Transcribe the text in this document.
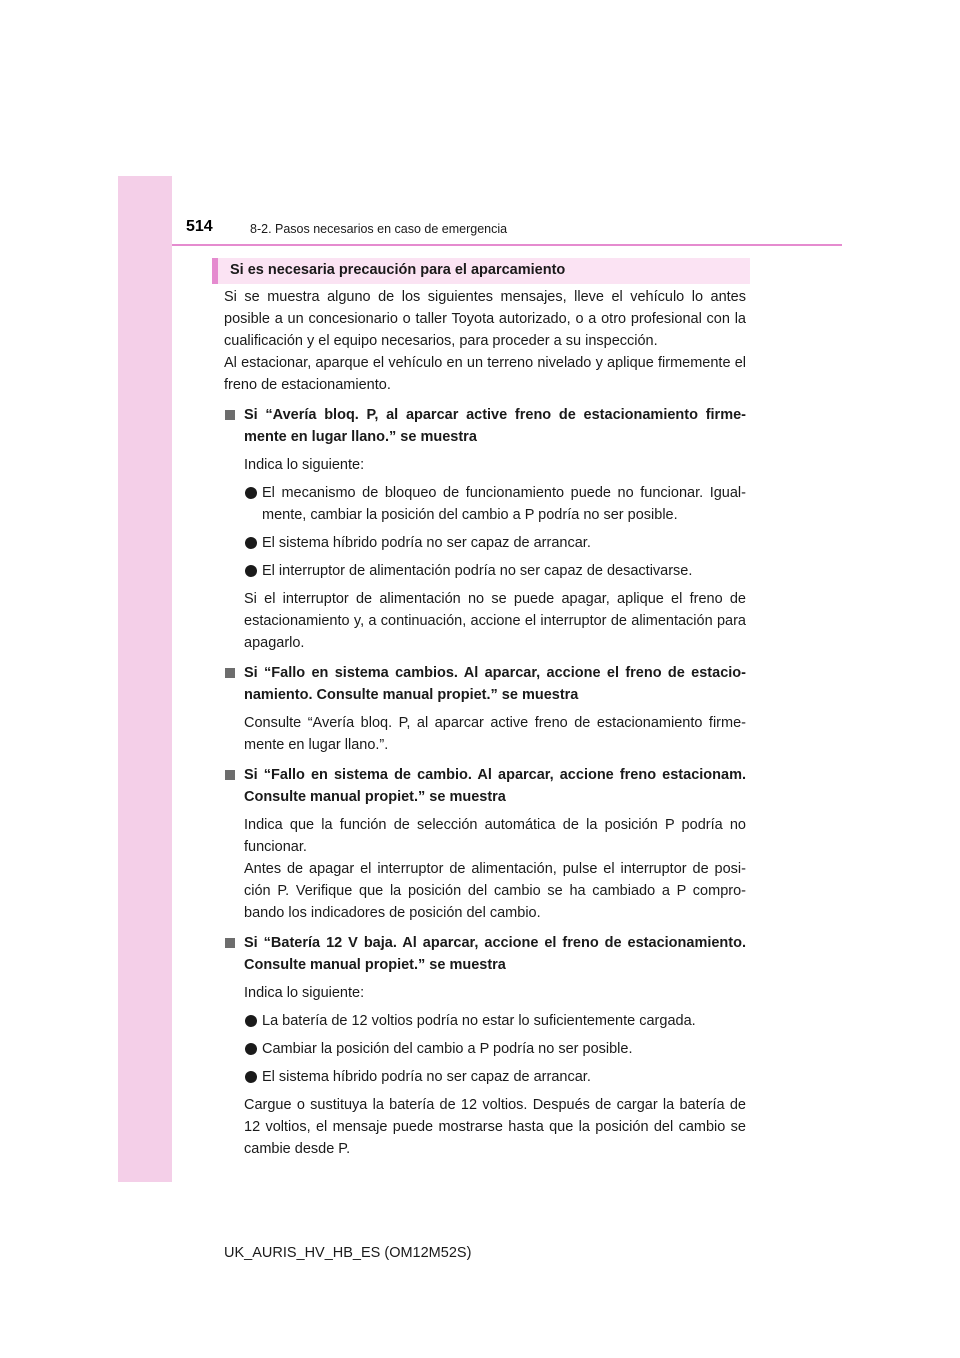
514	8-2. Pasos necesarios en caso de emergencia
Si es necesaria precaución para el aparcamiento

Si se muestra alguno de los siguientes mensajes, lleve el vehículo lo antes posible a un concesionario o taller Toyota autorizado, o a otro profesional con la cualificación y el equipo necesarios, para proceder a su inspección.

Al estacionar, aparque el vehículo en un terreno nivelado y aplique firmemente el freno de estacionamiento.

Si “Avería bloq. P, al aparcar active freno de estacionamiento firmemente en lugar llano.” se muestra

Indica lo siguiente:

El mecanismo de bloqueo de funcionamiento puede no funcionar. Igualmente, cambiar la posición del cambio a P podría no ser posible.

El sistema híbrido podría no ser capaz de arrancar.

El interruptor de alimentación podría no ser capaz de desactivarse.

Si el interruptor de alimentación no se puede apagar, aplique el freno de estacionamiento y, a continuación, accione el interruptor de alimentación para apagarlo.

Si “Fallo en sistema cambios. Al aparcar, accione el freno de estacionamiento. Consulte manual propiet.” se muestra

Consulte “Avería bloq. P, al aparcar active freno de estacionamiento firmemente en lugar llano.”.

Si “Fallo en sistema de cambio. Al aparcar, accione freno estacionam. Consulte manual propiet.” se muestra

Indica que la función de selección automática de la posición P podría no funcionar.

Antes de apagar el interruptor de alimentación, pulse el interruptor de posición P. Verifique que la posición del cambio se ha cambiado a P comprobando los indicadores de posición del cambio.

Si “Batería 12 V baja. Al aparcar, accione el freno de estacionamiento. Consulte manual propiet.” se muestra

Indica lo siguiente:

La batería de 12 voltios podría no estar lo suficientemente cargada.

Cambiar la posición del cambio a P podría no ser posible.

El sistema híbrido podría no ser capaz de arrancar.

Cargue o sustituya la batería de 12 voltios. Después de cargar la batería de 12 voltios, el mensaje puede mostrarse hasta que la posición del cambio se cambie desde P.

UK_AURIS_HV_HB_ES (OM12M52S)
